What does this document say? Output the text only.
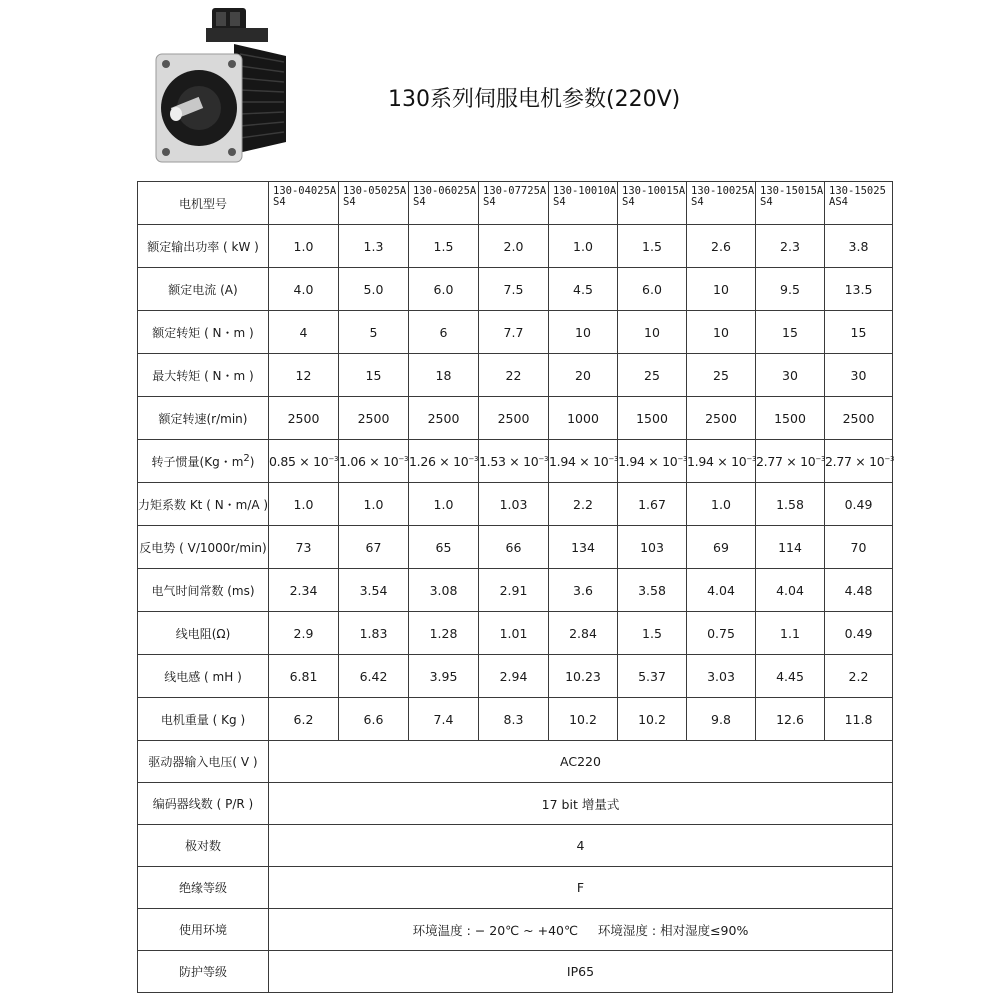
130系列伺服电机参数(220V)
电机型号	130-04025AS4	130-05025AS4	130-06025AS4	130-07725AS4	130-10010AS4	130-10015AS4	130-10025AS4	130-15015AS4	130-15025AS4
额定输出功率 ( kW )	1.0	1.3	1.5	2.0	1.0	1.5	2.6	2.3	3.8
额定电流 (A)	4.0	5.0	6.0	7.5	4.5	6.0	10	9.5	13.5
额定转矩 ( N・m )	4	5	6	7.7	10	10	10	15	15
最大转矩 ( N・m )	12	15	18	22	20	25	25	30	30
额定转速(r/min)	2500	2500	2500	2500	1000	1500	2500	1500	2500
转子惯量(Kg・$m^2$)	$0.85 \times 10^{-3}$	$1.06 \times 10^{-3}$	$1.26 \times 10^{-3}$	$1.53 \times 10^{-3}$	$1.94 \times 10^{-3}$	$1.94 \times 10^{-3}$	$1.94 \times 10^{-3}$	$2.77 \times 10^{-3}$	$2.77 \times 10^{-3}$
力矩系数 Kt ( N・m/A )	1.0	1.0	1.0	1.03	2.2	1.67	1.0	1.58	0.49
反电势 ( V/1000r/min)	73	67	65	66	134	103	69	114	70
电气时间常数 (ms)	2.34	3.54	3.08	2.91	3.6	3.58	4.04	4.04	4.48
线电阻(Ω)	2.9	1.83	1.28	1.01	2.84	1.5	0.75	1.1	0.49
线电感 ( mH )	6.81	6.42	3.95	2.94	10.23	5.37	3.03	4.45	2.2
电机重量 ( Kg )	6.2	6.6	7.4	8.3	10.2	10.2	9.8	12.6	11.8
驱动器输入电压( V )	AC220								
编码器线数 ( P/R )	17 bit 增量式								
极对数	4								
绝缘等级	F								
使用环境	环境温度 : − 20℃ ~ +40℃     环境湿度 : 相对湿度≤90%								
防护等级	IP65								
